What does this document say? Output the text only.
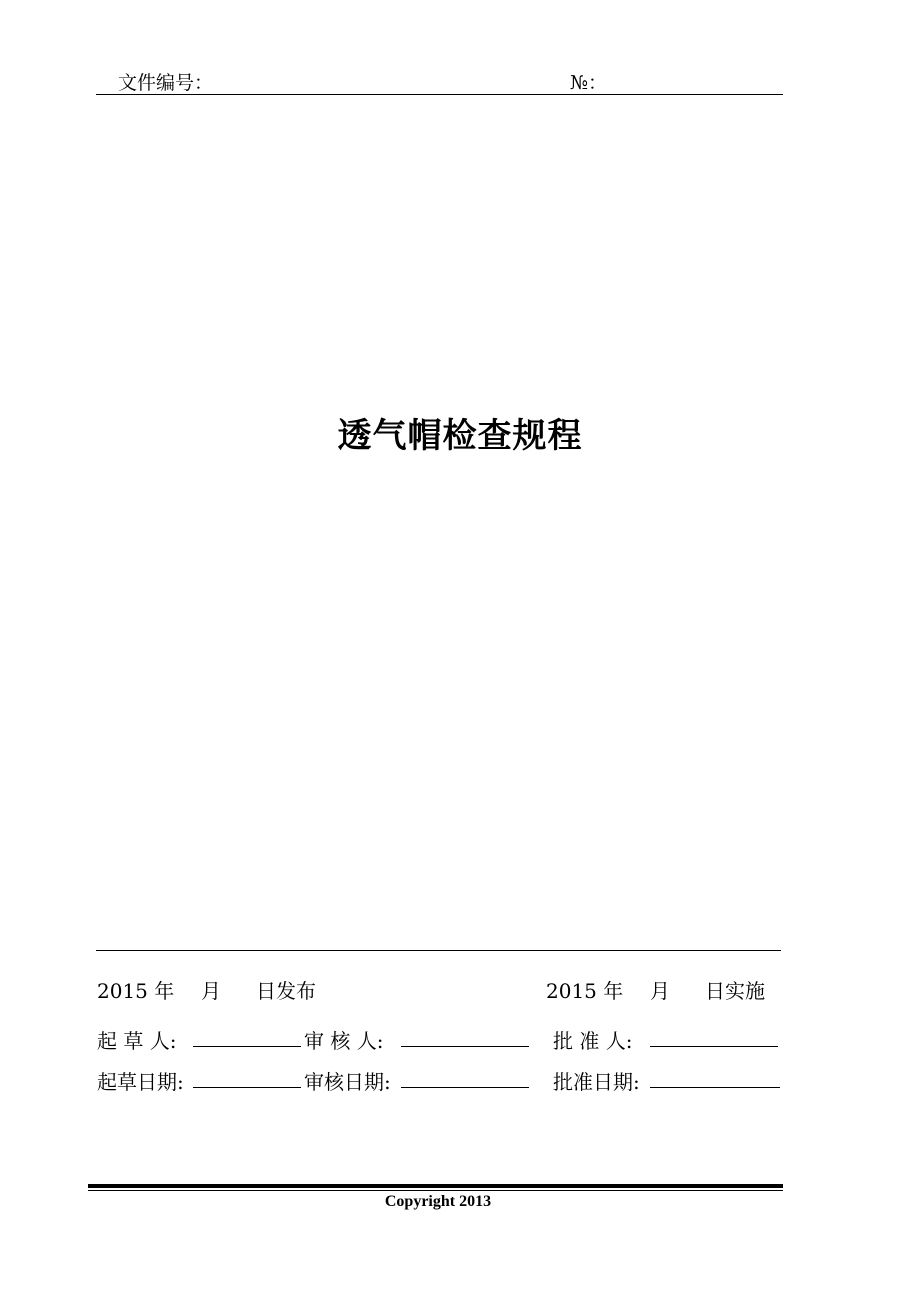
文件编号：	№：
透气帽检查规程
2015 年 月 日发布	2015 年 月 日实施
起 草 人:	审 核 人:	批 准 人:
起草日期:	审核日期:	批准日期:
Copyright 2013
